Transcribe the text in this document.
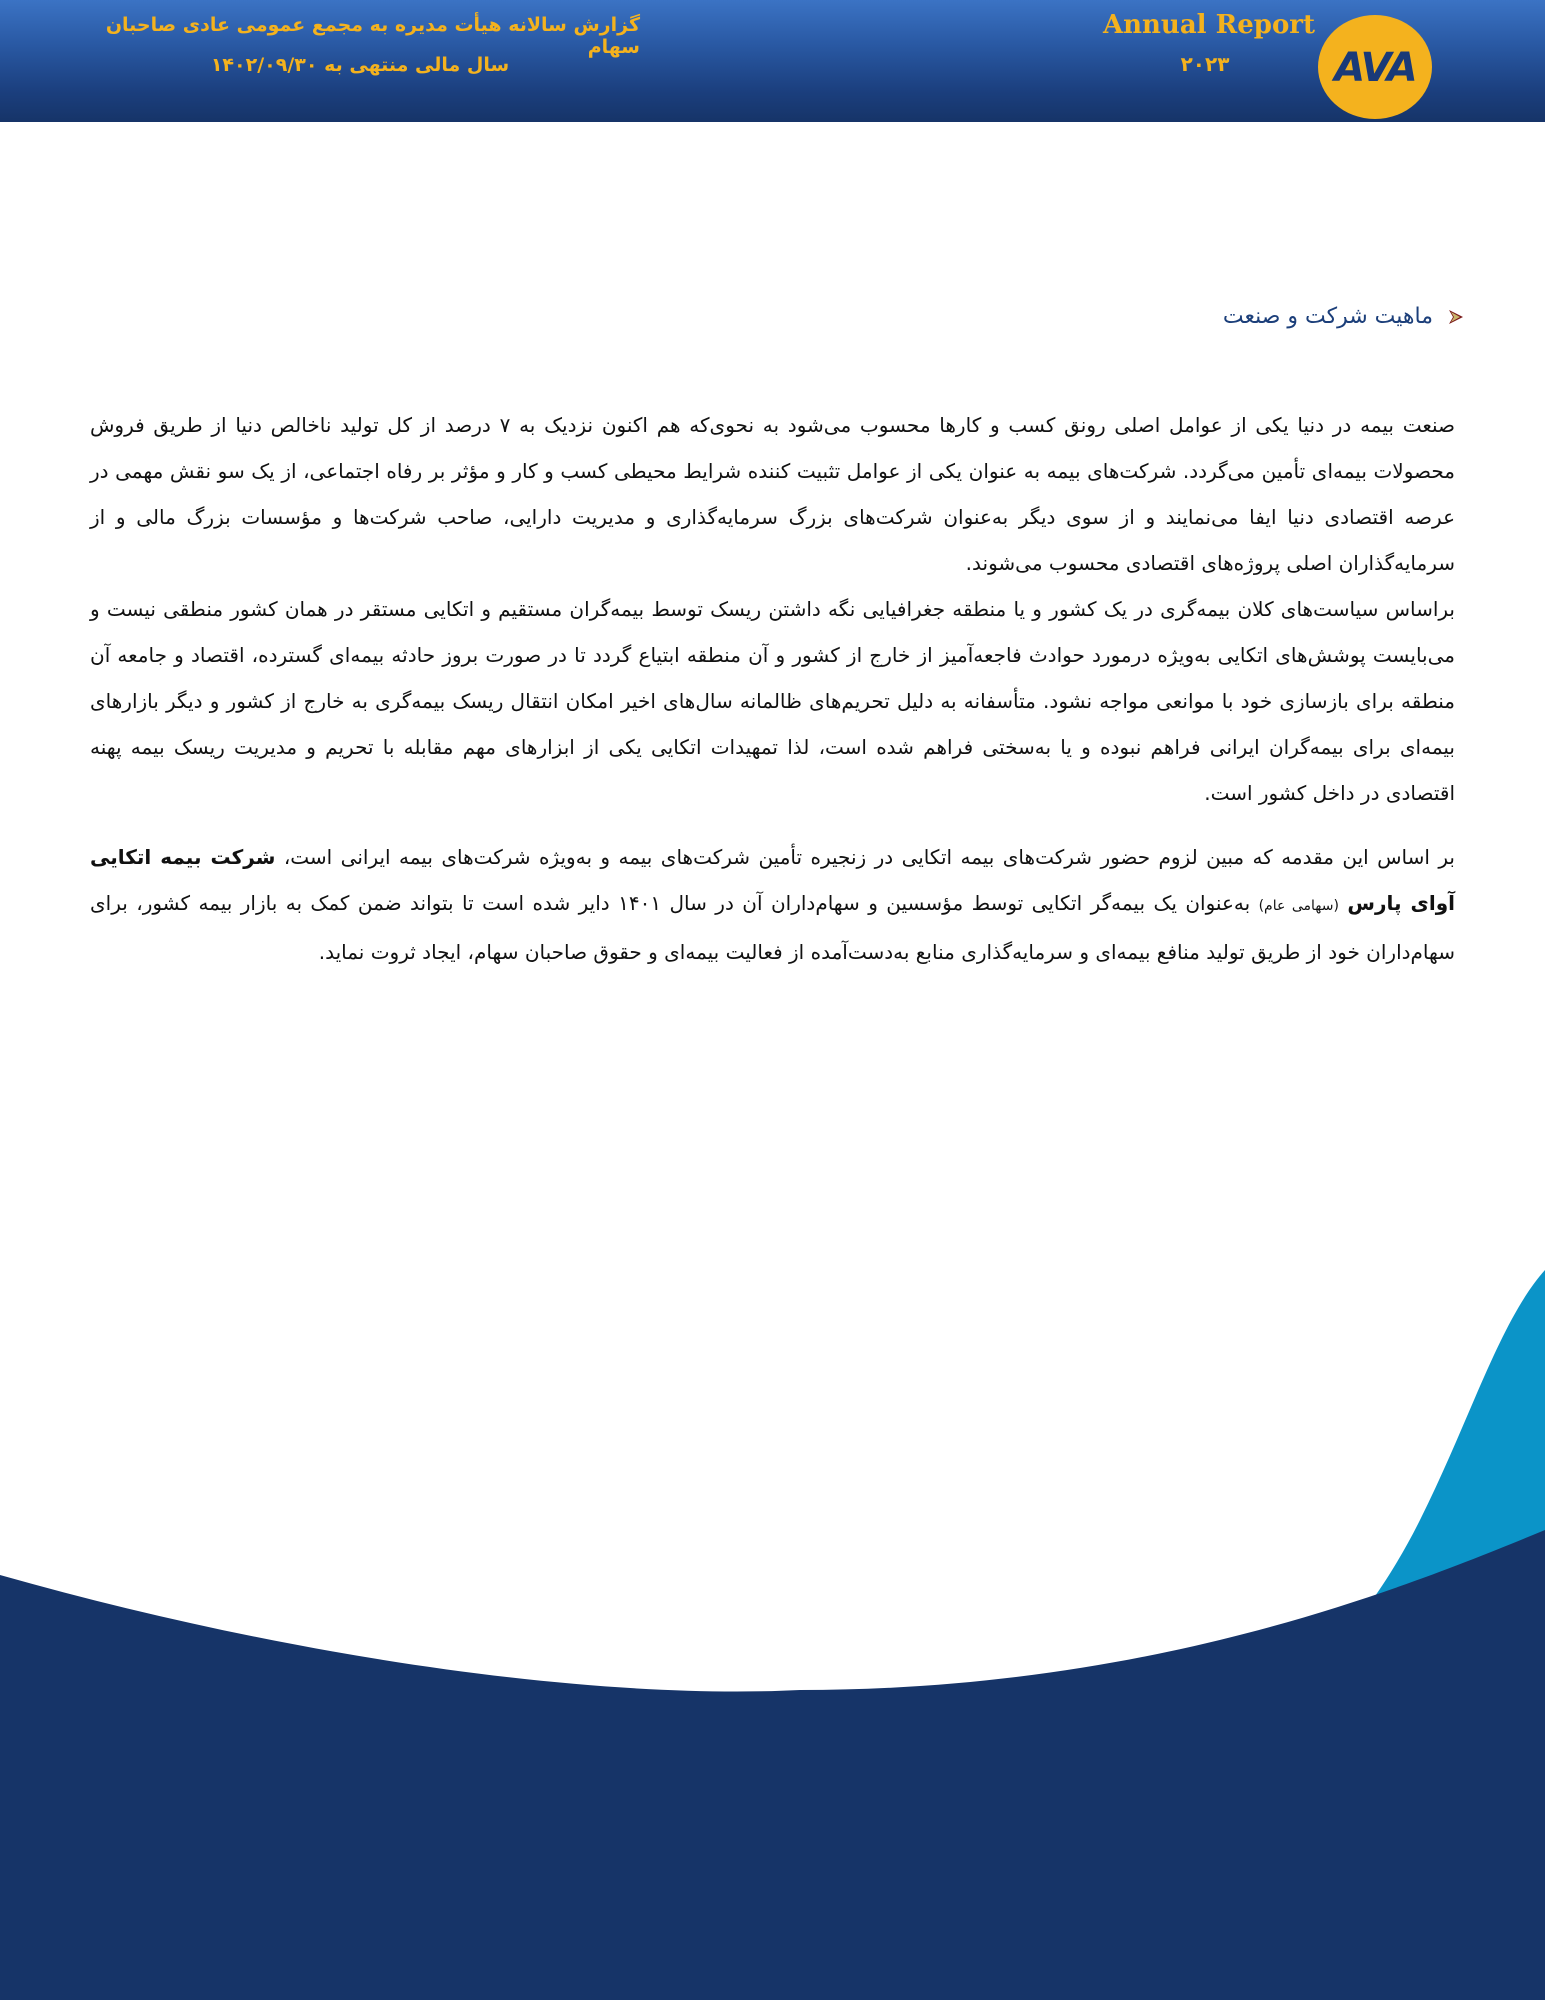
گزارش سالانه هیأت مدیره به مجمع عمومی عادی صاحبان سهام
سال مالی منتهی به ۱۴۰۲/۰۹/۳۰
Annual Report
۲۰۲۳	AVA
ماهیت شرکت و صنعت

صنعت بیمه در دنیا یکی از عوامل اصلی رونق کسب و کارها محسوب می‌شود به نحوی‌که هم اکنون نزدیک به ۷ درصد از کل تولید ناخالص دنیا از طریق فروش محصولات بیمه‌ای تأمین می‌گردد. شرکت‌های بیمه به عنوان یکی از عوامل تثبیت کننده شرایط محیطی کسب و کار و مؤثر بر رفاه اجتماعی، از یک سو نقش مهمی در عرصه اقتصادی دنیا ایفا می‌نمایند و از سوی دیگر به‌عنوان شرکت‌های بزرگ سرمایه‌گذاری و مدیریت دارایی، صاحب شرکت‌ها و مؤسسات بزرگ مالی و از سرمایه‌گذاران اصلی پروژه‌های اقتصادی محسوب می‌شوند.

براساس سیاست‌های کلان بیمه‌گری در یک کشور و یا منطقه جغرافیایی نگه داشتن ریسک توسط بیمه‌گران مستقیم و اتکایی مستقر در همان کشور منطقی نیست و می‌بایست پوشش‌های اتکایی به‌ویژه درمورد حوادث فاجعه‌آمیز از خارج از کشور و آن منطقه ابتیاع گردد تا در صورت بروز حادثه بیمه‌ای گسترده، اقتصاد و جامعه آن منطقه برای بازسازی خود با موانعی مواجه نشود. متأسفانه به دلیل تحریم‌های ظالمانه سال‌های اخیر امکان انتقال ریسک بیمه‌گری به خارج از کشور و دیگر بازارهای بیمه‌ای برای بیمه‌گران ایرانی فراهم نبوده و یا به‌سختی فراهم شده است، لذا تمهیدات اتکایی یکی از ابزارهای مهم مقابله با تحریم و مدیریت ریسک بیمه پهنه اقتصادی در داخل کشور است.

بر اساس این مقدمه که مبین لزوم حضور شرکت‌های بیمه اتکایی در زنجیره تأمین شرکت‌های بیمه و به‌ویژه شرکت‌های بیمه ایرانی است، شرکت بیمه اتکایی آوای پارس (سهامی عام) به‌عنوان یک بیمه‌گر اتکایی توسط مؤسسین و سهام‌داران آن در سال ۱۴۰۱ دایر شده است تا بتواند ضمن کمک به بازار بیمه کشور، برای سهام‌داران خود از طریق تولید منافع بیمه‌ای و سرمایه‌گذاری منابع به‌دست‌آمده از فعالیت بیمه‌ای و حقوق صاحبان سهام، ایجاد ثروت نماید.
